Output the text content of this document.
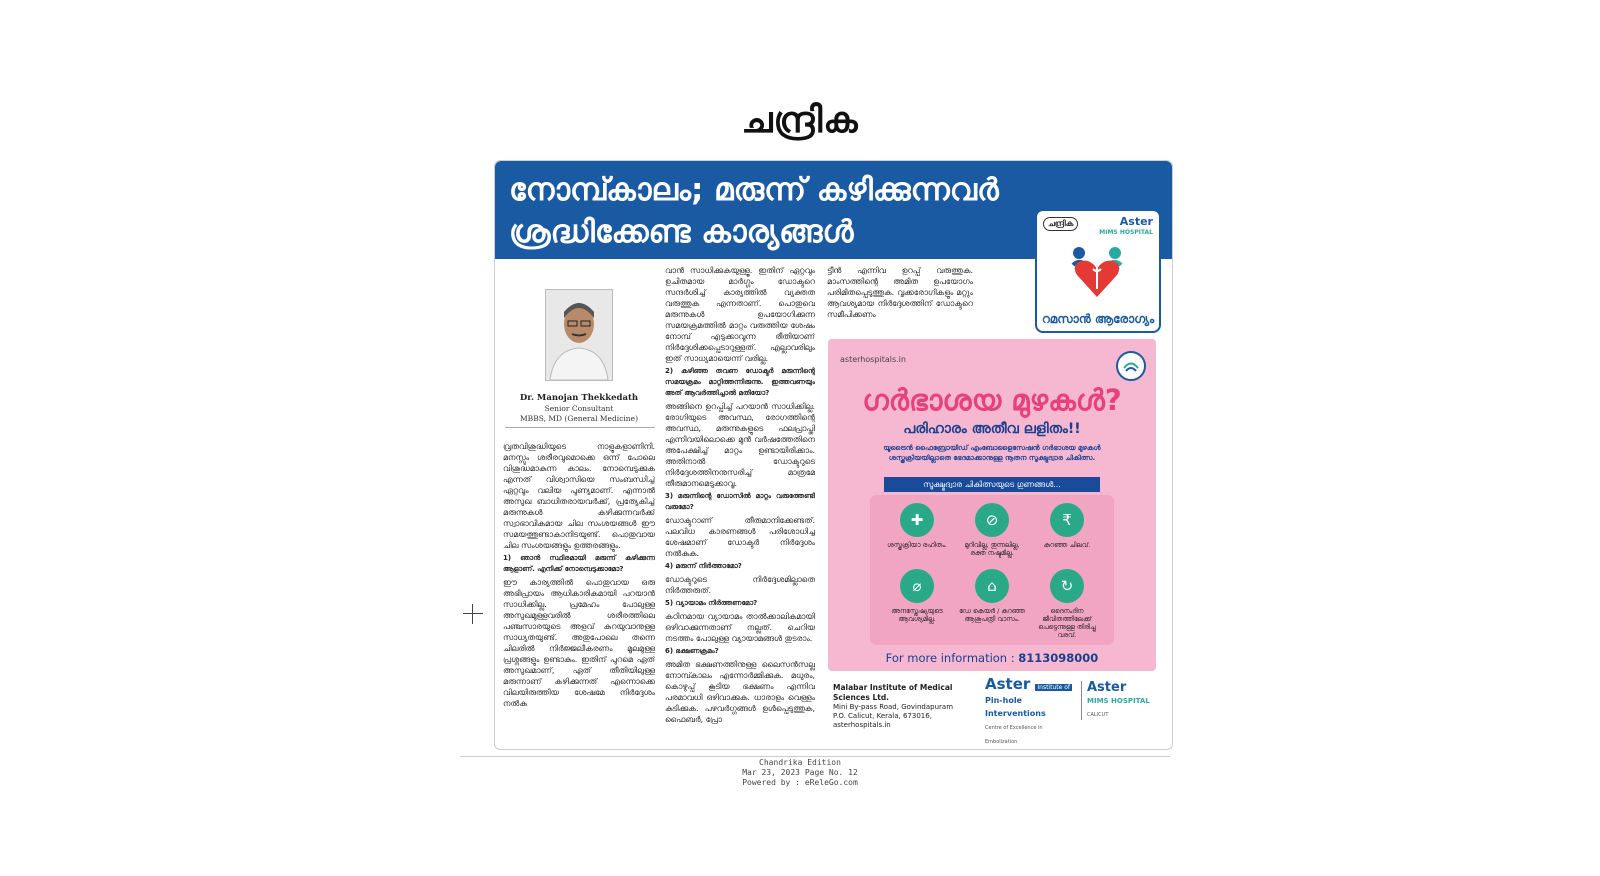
ചന്ദ്രിക
നോമ്പ്കാലം; മരുന്ന് കഴിക്കുന്നവർ
ശ്രദ്ധിക്കേണ്ട കാര്യങ്ങൾ	ചന്ദ്രിക	Aster
MIMS HOSPITAL
റമസാൻ ആരോഗ്യം
Dr. Manojan Thekkedath
Senior Consultant
MBBS, MD (General Medicine)

വ്രതവിശുദ്ധിയുടെ നാളുകളാണിനി. മനസ്സും ശരീരവുമൊക്കെ ഒന്ന് പോലെ വിശുദ്ധമാകുന്ന കാലം. നോമ്പെടുക്കുക എന്നത് വിശ്വാസിയെ സംബന്ധിച്ച് ഏറ്റവും വലിയ പുണ്യമാണ്. എന്നാൽ അസുഖ ബാധിതരായവർക്ക്, പ്രത്യേകിച്ച് മരുന്നുകൾ കഴിക്കുന്നവർക്ക് സ്വാഭാവികമായ ചില സംശയങ്ങൾ ഈ സമയത്തുണ്ടാകാനിടയുണ്ട്. പൊതുവായ ചില സംശയങ്ങളും ഉത്തരങ്ങളും.

1) ഞാൻ സ്ഥിരമായി മരുന്ന് കഴിക്കുന്ന ആളാണ്. എനിക്ക് നോമ്പെടുക്കാമോ?

ഈ കാര്യത്തിൽ പൊതുവായ ഒരു അഭിപ്രായം ആധികാരികമായി പറയാൻ സാധിക്കില്ല. പ്രമേഹം പോലുള്ള അസുഖമുള്ളവരിൽ ശരീരത്തിലെ പഞ്ചസാരയുടെ അളവ് കുറയുവാനുള്ള സാധ്യതയുണ്ട്. അതുപോലെ തന്നെ ചിലരിൽ നിർജ്ജലീകരണം മൂലമുള്ള പ്രശ്നങ്ങളും ഉണ്ടാകും. ഇതിന് പുറമെ ഏത് അസുഖമാണ്, ഏത് തീതിയിലുള്ള മരുന്നാണ് കഴിക്കുന്നത് എന്നൊക്കെ വിലയിരുത്തിയ ശേഷമേ നിർദ്ദേശം നൽകു

വാൻ സാധിക്കുകയുള്ളൂ. ഇതിന് ഏറ്റവും ഉചിതമായ മാർഗ്ഗം ഡോക്ടറെ സന്ദർശിച്ച് കാര്യത്തിൽ വ്യക്തത വരുത്തുക എന്നതാണ്. പൊതുവെ മരുന്നുകൾ ഉപയോഗിക്കുന്ന സമയക്രമത്തിൽ മാറ്റം വരുത്തിയ ശേഷം നോമ്പ് എടുക്കാവുന്ന രീതിയാണ് നിർദ്ദേശിക്കപ്പെടാറുള്ളത്. എല്ലാവരിലും ഇത് സാധ്യമായെന്ന് വരില്ല.

2) കഴിഞ്ഞ തവണ ഡോക്ടർ മരുന്നിന്റെ സമയക്രമം മാറ്റിത്തന്നിരുന്നു. ഇത്തവണയും അത് ആവർത്തിച്ചാൽ മതിയോ?

അങ്ങിനെ ഉറപ്പിച്ച് പറയാൻ സാധിക്കില്ല. രോഗിയുടെ അവസ്ഥ, രോഗത്തിന്റെ അവസ്ഥ, മരുന്നുകളുടെ ഫലപ്രാപ്തി എന്നിവയിലൊക്കെ മുൻ വർഷത്തേതിനെ അപേക്ഷിച്ച് മാറ്റം ഉണ്ടായിരിക്കാം. അതിനാൽ ഡോക്ടറുടെ നിർദ്ദേശത്തിനനുസരിച്ച് മാത്രമേ തീരുമാനമെടുക്കാവൂ.

3) മരുന്നിന്റെ ഡോസിൽ മാറ്റം വരുത്തേണ്ടി വരുമോ?

ഡോക്ടറാണ് തീരുമാനിക്കേണ്ടത്. പലവിധ കാരണങ്ങൾ പരിശോധിച്ച ശേഷമാണ് ഡോക്ടർ നിർദ്ദേശം നൽകുക.

4) മരുന്ന് നിർത്താമോ?

ഡോക്ടറുടെ നിർദ്ദേശമില്ലാതെ നിർത്തരുത്.

5) വ്യായാമം നിർത്തണമോ?

കഠിനമായ വ്യായാമം താൽക്കാലികമായി ഒഴിവാക്കുന്നതാണ് നല്ലത്. ചെറിയ നടത്തം പോലുള്ള വ്യായാമങ്ങൾ തുടരാം.

6) ഭക്ഷണക്രമം?

അമിത ഭക്ഷണത്തിനുള്ള ലൈസൻസല്ല നോമ്പ്കാലം എന്നോർമ്മിക്കുക. മധുരം, കൊഴുപ്പ് കൂടിയ ഭക്ഷണം എന്നിവ പരമാവധി ഒഴിവാക്കുക. ധാരാളം വെള്ളം കുടിക്കുക. പഴവർഗ്ഗങ്ങൾ ഉൾപ്പെടുത്തുക, ഫൈബർ, പ്രോ

ട്ടീൻ എന്നിവ ഉറപ്പ് വരുത്തുക. മാംസത്തിന്റെ അമിത ഉപയോഗം പരിമിതപ്പെടുത്തുക. വൃക്കരോഗികളും മറ്റും ആവശ്യമായ നിർദ്ദേശത്തിന് ഡോക്ടറെ സമീപിക്കണം

asterhospitals.in
ഗർഭാശയ മുഴകൾ?
പരിഹാരം അതീവ ലളിതം!!
യൂട്രൈൻ ഫൈബ്രോയിഡ് എംബോളൈസേഷൻ ഗർഭാശയ മുഴകൾ ശസ്ത്രക്രിയയില്ലാതെ ഭേദമാക്കാനുള്ള നൂതന സൂക്ഷ്മദ്വാര ചികിത്സ.
സൂക്ഷ്മദ്വാര ചികിത്സയുടെ ഗുണങ്ങൾ...
✚
ശസ്ത്രക്രിയാ രഹിതം.
⊘
മുറിവില്ല, തുന്നലില്ല, രക്ത നഷ്ടമില്ല.
₹
കുറഞ്ഞ ചിലവ്.
⌀
അനസ്തേഷ്യയുടെ ആവശ്യമില്ല.
⌂
ഡേ കെയർ / കുറഞ്ഞ ആശുപത്രി വാസം.
↻
ദൈനംദിന ജീവിതത്തിലേക്ക് പെട്ടെന്നുള്ള തിരിച്ചു വരവ്.
For more information : 8113098000
Malabar Institute of Medical Sciences Ltd.
Mini By-pass Road, Govindapuram
P.O. Calicut, Kerala, 673016, asterhospitals.in
Aster Institute of
Pin-hole Interventions
Centre of Excellence in Embolization
Aster
MIMS HOSPITAL
CALICUT
Chandrika Edition
Mar 23, 2023 Page No. 12
Powered by : eReleGo.com
